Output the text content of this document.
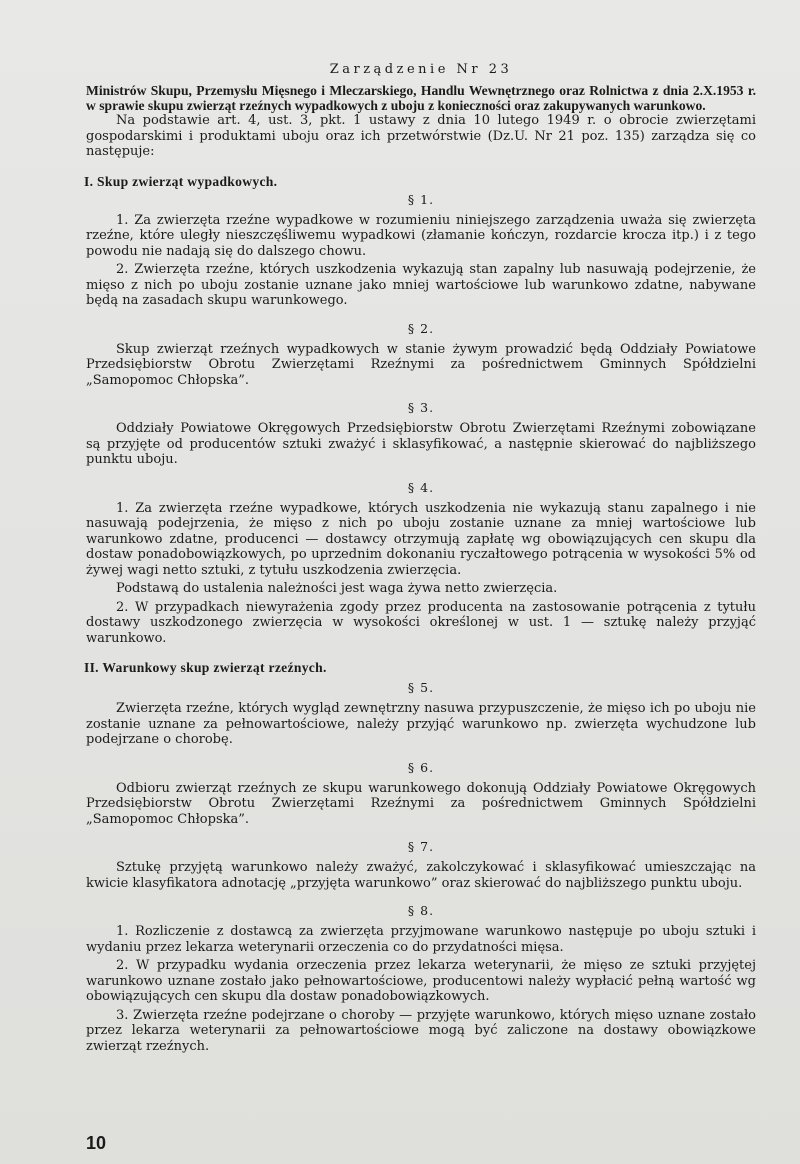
Zarządzenie Nr 23
Ministrów Skupu, Przemysłu Mięsnego i Mleczarskiego, Handlu Wewnętrznego oraz Rolnictwa z dnia 2.X.1953 r. w sprawie skupu zwierząt rzeźnych wypadkowych z uboju z konieczności oraz zakupywanych warunkowo.

Na podstawie art. 4, ust. 3, pkt. 1 ustawy z dnia 10 lutego 1949 r. o obrocie zwierzętami gospodarskimi i produktami uboju oraz ich przetwórstwie (Dz.U. Nr 21 poz. 135) zarządza się co następuje:

I. Skup zwierząt wypadkowych.
§ 1.

1. Za zwierzęta rzeźne wypadkowe w rozumieniu niniejszego zarządzenia uważa się zwierzęta rzeźne, które uległy nieszczęśliwemu wypadkowi (złamanie kończyn, rozdarcie krocza itp.) i z tego powodu nie nadają się do dalszego chowu.

2. Zwierzęta rzeźne, których uszkodzenia wykazują stan zapalny lub nasuwają podejrzenie, że mięso z nich po uboju zostanie uznane jako mniej wartościowe lub warunkowo zdatne, nabywane będą na zasadach skupu warunkowego.

§ 2.

Skup zwierząt rzeźnych wypadkowych w stanie żywym prowadzić będą Oddziały Powiatowe Przedsiębiorstw Obrotu Zwierzętami Rzeźnymi za pośrednictwem Gminnych Spółdzielni „Samopomoc Chłopska”.

§ 3.

Oddziały Powiatowe Okręgowych Przedsiębiorstw Obrotu Zwierzętami Rzeźnymi zobowiązane są przyjęte od producentów sztuki zważyć i sklasyfikować, a następnie skierować do najbliższego punktu uboju.

§ 4.

1. Za zwierzęta rzeźne wypadkowe, których uszkodzenia nie wykazują stanu zapalnego i nie nasuwają podejrzenia, że mięso z nich po uboju zostanie uznane za mniej wartościowe lub warunkowo zdatne, producenci — dostawcy otrzymują zapłatę wg obowiązujących cen skupu dla dostaw ponadobowiązkowych, po uprzednim dokonaniu ryczałtowego potrącenia w wysokości 5% od żywej wagi netto sztuki, z tytułu uszkodzenia zwierzęcia.

Podstawą do ustalenia należności jest waga żywa netto zwierzęcia.

2. W przypadkach niewyrażenia zgody przez producenta na zastosowanie potrącenia z tytułu dostawy uszkodzonego zwierzęcia w wysokości określonej w ust. 1 — sztukę należy przyjąć warunkowo.

II. Warunkowy skup zwierząt rzeźnych.
§ 5.

Zwierzęta rzeźne, których wygląd zewnętrzny nasuwa przypuszczenie, że mięso ich po uboju nie zostanie uznane za pełnowartościowe, należy przyjąć warunkowo np. zwierzęta wychudzone lub podejrzane o chorobę.

§ 6.

Odbioru zwierząt rzeźnych ze skupu warunkowego dokonują Oddziały Powiatowe Okręgowych Przedsiębiorstw Obrotu Zwierzętami Rzeźnymi za pośrednictwem Gminnych Spółdzielni „Samopomoc Chłopska”.

§ 7.

Sztukę przyjętą warunkowo należy zważyć, zakolczykować i sklasyfikować umieszczając na kwicie klasyfikatora adnotację „przyjęta warunkowo” oraz skierować do najbliższego punktu uboju.

§ 8.

1. Rozliczenie z dostawcą za zwierzęta przyjmowane warunkowo następuje po uboju sztuki i wydaniu przez lekarza weterynarii orzeczenia co do przydatności mięsa.

2. W przypadku wydania orzeczenia przez lekarza weterynarii, że mięso ze sztuki przyjętej warunkowo uznane zostało jako pełnowartościowe, producentowi należy wypłacić pełną wartość wg obowiązujących cen skupu dla dostaw ponadobowiązkowych.

3. Zwierzęta rzeźne podejrzane o choroby — przyjęte warunkowo, których mięso uznane zostało przez lekarza weterynarii za pełnowartościowe mogą być zaliczone na dostawy obowiązkowe zwierząt rzeźnych.

10
